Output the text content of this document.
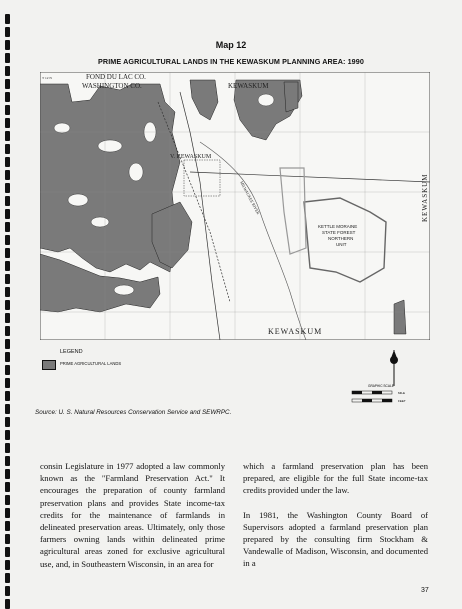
Map 12
PRIME AGRICULTURAL LANDS IN THE KEWASKUM PLANNING AREA: 1990
FOND DU LAC CO.
WASHINGTON CO.	KEWASKUM
V. KEWASKUM
MILWAUKEE RIVER
KEWASKUM
KEWASKUM
T 12 N
KETTLE MORAINE STATE FOREST NORTHERN UNIT
LEGEND
PRIME AGRICULTURAL LANDS
GRAPHIC SCALE
MILE
FEET
Source: U. S. Natural Resources Conservation Service and SEWRPC.

consin Legislature in 1977 adopted a law commonly known as the "Farmland Preservation Act." It encourages the preparation of county farmland preservation plans and provides State income-tax credits for the maintenance of farmlands in delineated preservation areas. Ultimately, only those farmers owning lands within delineated prime agricultural areas zoned for exclusive agricultural use, and, in Southeastern Wisconsin, in an area for

which a farmland preservation plan has been prepared, are eligible for the full State income-tax credits provided under the law.

In 1981, the Washington County Board of Supervisors adopted a farmland preservation plan prepared by the consulting firm Stockham & Vandewalle of Madison, Wisconsin, and documented in a

37
